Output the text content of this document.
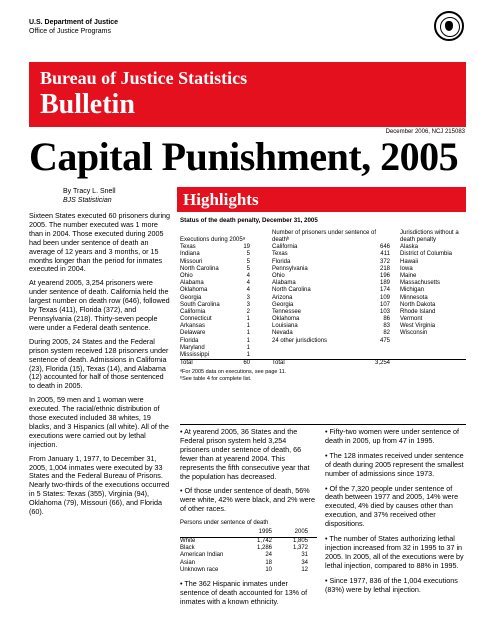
U.S. Department of Justice
Office of Justice Programs
Bureau of Justice Statistics
Bulletin
December 2006, NCJ 215083
Capital Punishment, 2005
By Tracy L. Snell
BJS Statistician

Sixteen States executed 60 prisoners during 2005. The number executed was 1 more than in 2004. Those executed during 2005 had been under sentence of death an average of 12 years and 3 months, or 15 months longer than the period for inmates executed in 2004.

At yearend 2005, 3,254 prisoners were under sentence of death. California held the largest number on death row (646), followed by Texas (411), Florida (372), and Pennsylvania (218). Thirty-seven people were under a Federal death sentence.

During 2005, 24 States and the Federal prison system received 128 prisoners under sentence of death. Admissions in California (23), Florida (15), Texas (14), and Alabama (12) accounted for half of those sentenced to death in 2005.

In 2005, 59 men and 1 woman were executed. The racial/ethnic distribution of those executed included 38 whites, 19 blacks, and 3 Hispanics (all white). All of the executions were carried out by lethal injection.

From January 1, 1977, to December 31, 2005, 1,004 inmates were executed by 33 States and the Federal Bureau of Prisons. Nearly two-thirds of the executions occurred in 5 States: Texas (355), Virginia (94), Oklahoma (79), Missouri (66), and Florida (60).

Highlights
Status of the death penalty, December 31, 2005
Executions during 2005ᵃ
Number of prisoners under sentence of deathᵇ
Jurisdictions without a death penalty
Texas	19	California	646 Alaska
Indiana	5	Texas	411 District of Columbia
Missouri	5	Florida	372 Hawaii
North Carolina	5	Pennsylvania	218 Iowa
Ohio	4	Ohio	196 Maine
Alabama	4	Alabama	189 Massachusetts
Oklahoma	4	North Carolina	174 Michigan
Georgia	3	Arizona	109 Minnesota
South Carolina	3	Georgia	107 North Dakota
California	2	Tennessee	103 Rhode Island
Connecticut	1	Oklahoma	86 Vermont
Arkansas	1	Louisiana	83 West Virginia
Delaware	1	Nevada	82 Wisconsin
Florida	1	24 other jurisdictions	475
Maryland	1
Mississippi	1
Total	60	Total	3,254
ᵃFor 2005 data on executions, see page 11.
ᵇSee table 4 for complete list.

• At yearend 2005, 36 States and the Federal prison system held 3,254 prisoners under sentence of death, 66 fewer than at yearend 2004. This represents the fifth consecutive year that the population has decreased.

• Of those under sentence of death, 56% were white, 42% were black, and 2% were of other races.

Persons under sentence of death
1995	2005
White	1,742	1,805
Black	1,286	1,372
American Indian	24	31
Asian	18	34
Unknown race	10	12

• The 362 Hispanic inmates under sentence of death accounted for 13% of inmates with a known ethnicity.

• Fifty-two women were under sentence of death in 2005, up from 47 in 1995.

• The 128 inmates received under sentence of death during 2005 represent the smallest number of admissions since 1973.

• Of the 7,320 people under sentence of death between 1977 and 2005, 14% were executed, 4% died by causes other than execution, and 37% received other dispositions.

• The number of States authorizing lethal injection increased from 32 in 1995 to 37 in 2005. In 2005, all of the executions were by lethal injection, compared to 88% in 1995.

• Since 1977, 836 of the 1,004 executions (83%) were by lethal injection.
